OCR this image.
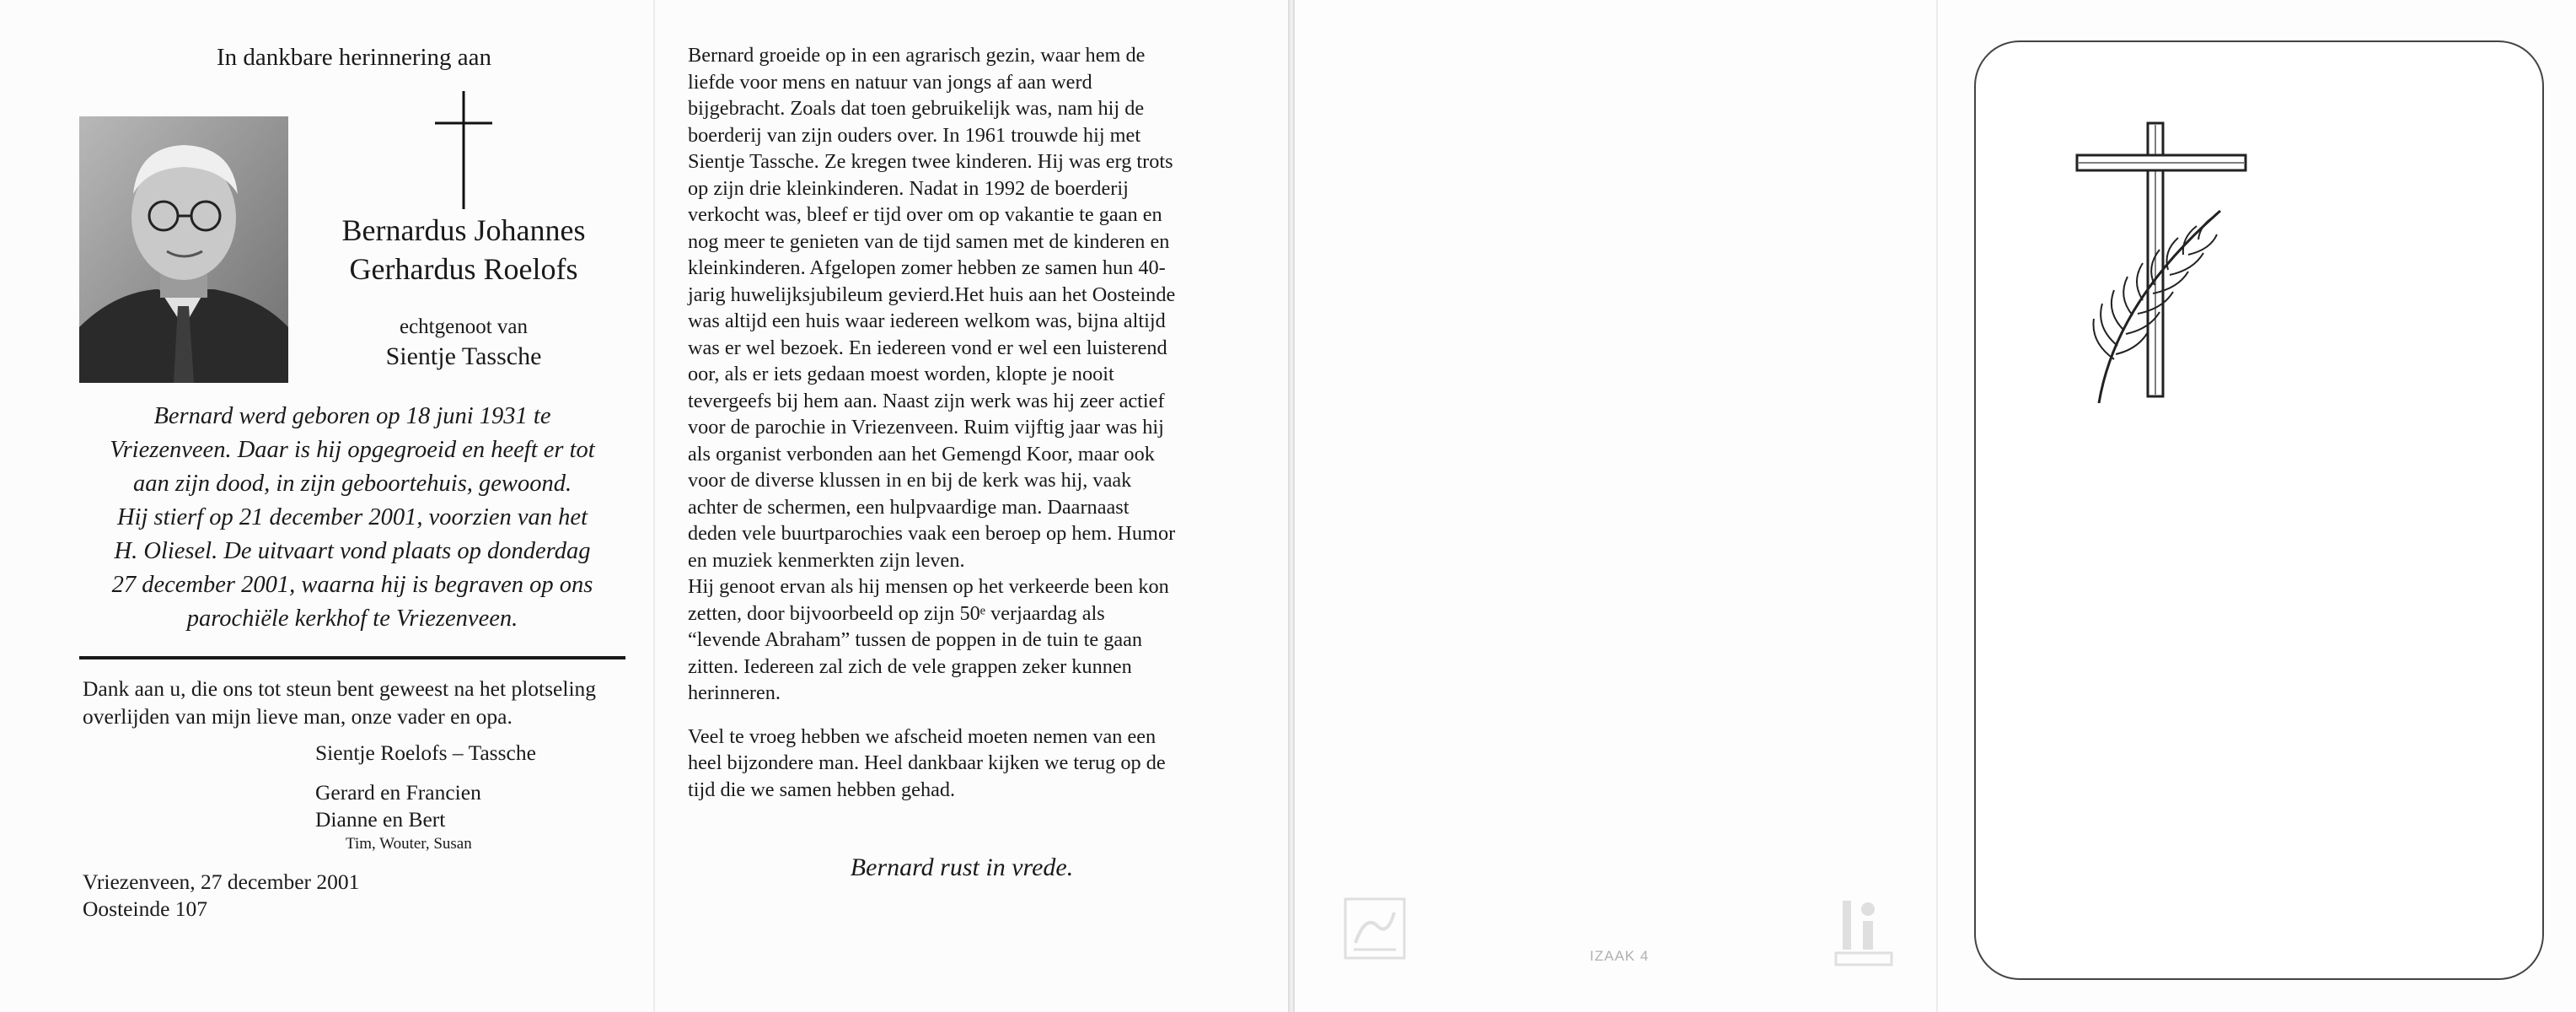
In dankbare herinnering aan
Bernardus Johannes
Gerhardus Roelofs
echtgenoot van
Sientje Tassche
Bernard werd geboren op 18 juni 1931 te
Vriezenveen. Daar is hij opgegroeid en heeft er tot
aan zijn dood, in zijn geboortehuis, gewoond.
Hij stierf op 21 december 2001, voorzien van het
H. Oliesel. De uitvaart vond plaats op donderdag
27 december 2001, waarna hij is begraven op ons
parochiële kerkhof te Vriezenveen.
Dank aan u, die ons tot steun bent geweest na het plotseling
overlijden van mijn lieve man, onze vader en opa.
Sientje Roelofs – Tassche
Gerard en Francien
Dianne en Bert
Tim, Wouter, Susan
Vriezenveen, 27 december 2001
Oosteinde 107
Bernard groeide op in een agrarisch gezin, waar hem de
liefde voor mens en natuur van jongs af aan werd
bijgebracht. Zoals dat toen gebruikelijk was, nam hij de
boerderij van zijn ouders over. In 1961 trouwde hij met
Sientje Tassche. Ze kregen twee kinderen. Hij was erg trots
op zijn drie kleinkinderen. Nadat in 1992 de boerderij
verkocht was, bleef er tijd over om op vakantie te gaan en
nog meer te genieten van de tijd samen met de kinderen en
kleinkinderen. Afgelopen zomer hebben ze samen hun 40-
jarig huwelijksjubileum gevierd.Het huis aan het Oosteinde
was altijd een huis waar iedereen welkom was, bijna altijd
was er wel bezoek. En iedereen vond er wel een luisterend
oor, als er iets gedaan moest worden, klopte je nooit
tevergeefs bij hem aan. Naast zijn werk was hij zeer actief
voor de parochie in Vriezenveen. Ruim vijftig jaar was hij
als organist verbonden aan het Gemengd Koor, maar ook
voor de diverse klussen in en bij de kerk was hij, vaak
achter de schermen, een hulpvaardige man. Daarnaast
deden vele buurtparochies vaak een beroep op hem. Humor
en muziek kenmerkten zijn leven.
Hij genoot ervan als hij mensen op het verkeerde been kon
zetten, door bijvoorbeeld op zijn 50ᵉ verjaardag als
“levende Abraham” tussen de poppen in de tuin te gaan
zitten. Iedereen zal zich de vele grappen zeker kunnen
herinneren.
Veel te vroeg hebben we afscheid moeten nemen van een
heel bijzondere man. Heel dankbaar kijken we terug op de
tijd die we samen hebben gehad.
Bernard rust in vrede.
IZAAK 4
